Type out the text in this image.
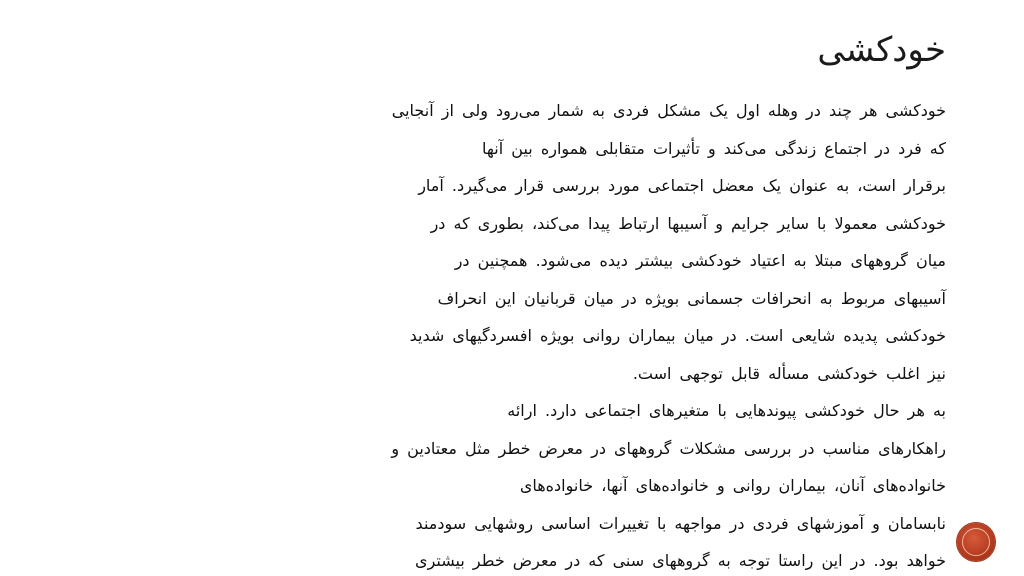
خودکشی
خودکشی هر چند در وهله اول یک مشکل فردی به شمار می‌رود ولی از آنجایی
که فرد در اجتماع زندگی می‌کند و تأثیرات متقابلی همواره بین آنها
برقرار است، به عنوان یک معضل اجتماعی مورد بررسی قرار می‌گیرد. آمار
خودکشی معمولا با سایر جرایم و آسیبها ارتباط پیدا می‌کند، بطوری که در
میان گروههای مبتلا به اعتیاد خودکشی بیشتر دیده می‌شود. همچنین در
آسیبهای مربوط به انحرافات جسمانی بویژه در میان قربانیان این انحراف
خودکشی پدیده شایعی است. در میان بیماران روانی بویژه افسردگیهای شدید
نیز اغلب خودکشی مسأله قابل توجهی است.
به هر حال خودکشی پیوندهایی با متغیرهای اجتماعی دارد. ارائه
راهکارهای مناسب در بررسی مشکلات گروههای در معرض خطر مثل معتادین و
خانواده‌های آنان، بیماران روانی و خانواده‌های آنها، خانواده‌های
نابسامان و آموزشهای فردی در مواجهه با تغییرات اساسی روشهایی سودمند
خواهد بود. در این راستا توجه به گروههای سنی که در معرض خطر بیشتری
